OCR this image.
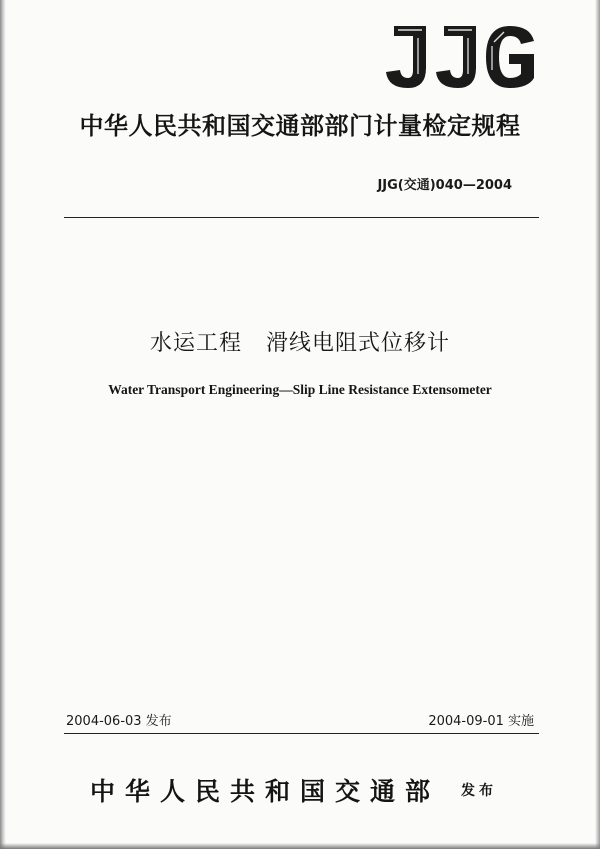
中华人民共和国交通部部门计量检定规程
JJG(交通)040—2004
水运工程   滑线电阻式位移计
Water Transport Engineering—Slip Line Resistance Extensometer
2004-06-03 发布	2004-09-01 实施
中华人民共和国交通部 发布
